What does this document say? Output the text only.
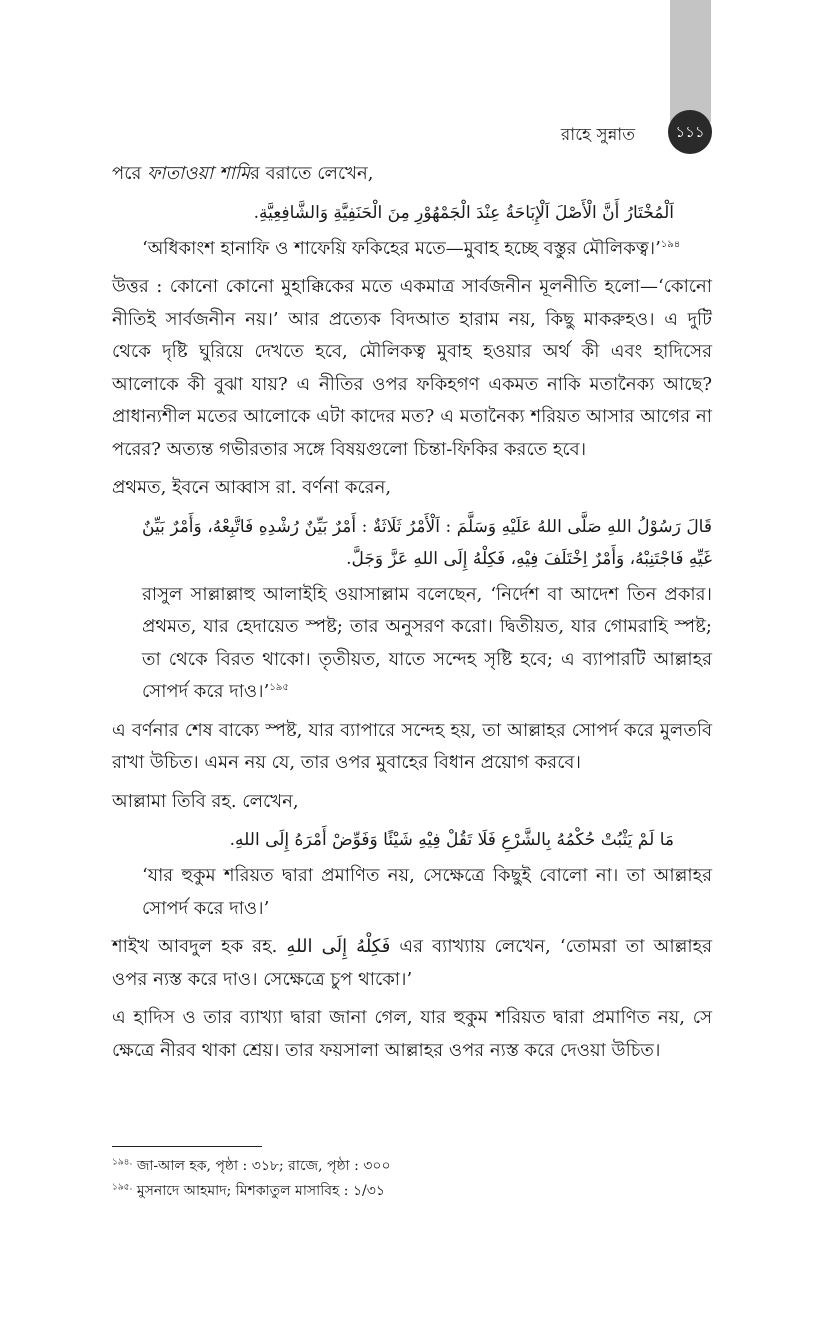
১১১
রাহে সুন্নাত

পরে ফাতাওয়া শামির বরাতে লেখেন,

اَلْمُخْتَارُ أَنَّ الْأَصْلَ اَلْإِبَاحَةُ عِنْدَ الْجَمْهُوْرِ مِنَ الْحَنَفِيَّةِ وَالشَّافِعِيَّةِ.

‘অধিকাংশ হানাফি ও শাফেয়ি ফকিহের মতে—মুবাহ হচ্ছে বস্তুর মৌলিকত্ব।’$^{১৯৪}$

উত্তর : কোনো কোনো মুহাক্কিকের মতে একমাত্র সার্বজনীন মূলনীতি হলো—‘কোনো নীতিই সার্বজনীন নয়।’ আর প্রত্যেক বিদআত হারাম নয়, কিছু মাকরুহও। এ দুটি থেকে দৃষ্টি ঘুরিয়ে দেখতে হবে, মৌলিকত্ব মুবাহ হওয়ার অর্থ কী এবং হাদিসের আলোকে কী বুঝা যায়? এ নীতির ওপর ফকিহগণ একমত নাকি মতানৈক্য আছে? প্রাধান্যশীল মতের আলোকে এটা কাদের মত? এ মতানৈক্য শরিয়ত আসার আগের না পরের? অত্যন্ত গভীরতার সঙ্গে বিষয়গুলো চিন্তা-ফিকির করতে হবে।

প্রথমত, ইবনে আব্বাস রা. বর্ণনা করেন,

قَالَ رَسُوْلُ اللهِ صَلَّى اللهُ عَلَيْهِ وَسَلَّمَ : اَلْأَمْرُ ثَلَاثَةٌ : أَمْرٌ بَيِّنٌ رُشْدِهِ فَاتَّبِعْهُ، وَأَمْرٌ بَيِّنٌ غَيِّهِ فَاجْتَنِبْهُ، وَأَمْرٌ اِخْتَلَفَ فِيْهِ، فَكِلْهُ إِلَى اللهِ عَزَّ وَجَلَّ.

রাসুল সাল্লাল্লাহু আলাইহি ওয়াসাল্লাম বলেছেন, ‘নির্দেশ বা আদেশ তিন প্রকার। প্রথমত, যার হেদায়েত স্পষ্ট; তার অনুসরণ করো। দ্বিতীয়ত, যার গোমরাহি স্পষ্ট; তা থেকে বিরত থাকো। তৃতীয়ত, যাতে সন্দেহ সৃষ্টি হবে; এ ব্যাপারটি আল্লাহর সোপর্দ করে দাও।’$^{১৯৫}$

এ বর্ণনার শেষ বাক্যে স্পষ্ট, যার ব্যাপারে সন্দেহ হয়, তা আল্লাহর সোপর্দ করে মুলতবি রাখা উচিত। এমন নয় যে, তার ওপর মুবাহের বিধান প্রয়োগ করবে।

আল্লামা তিবি রহ. লেখেন,

مَا لَمْ يَثْبُتْ حُكْمُهُ بِالشَّرْعِ فَلَا تَقُلْ فِيْهِ شَيْئًا وَفَوِّضْ أَمْرَهُ إِلَى اللهِ.

‘যার হুকুম শরিয়ত দ্বারা প্রমাণিত নয়, সেক্ষেত্রে কিছুই বোলো না। তা আল্লাহর সোপর্দ করে দাও।’

শাইখ আবদুল হক রহ. فَكِلْهُ إِلَى اللهِ এর ব্যাখ্যায় লেখেন, ‘তোমরা তা আল্লাহর ওপর ন্যস্ত করে দাও। সেক্ষেত্রে চুপ থাকো।’

এ হাদিস ও তার ব্যাখ্যা দ্বারা জানা গেল, যার হুকুম শরিয়ত দ্বারা প্রমাণিত নয়, সে ক্ষেত্রে নীরব থাকা শ্রেয়। তার ফয়সালা আল্লাহর ওপর ন্যস্ত করে দেওয়া উচিত।

$^{১৯৪.}$ জা-আল হক, পৃষ্ঠা : ৩১৮; রাজে, পৃষ্ঠা : ৩০০

$^{১৯৫.}$ মুসনাদে আহমাদ; মিশকাতুল মাসাবিহ : ১/৩১
